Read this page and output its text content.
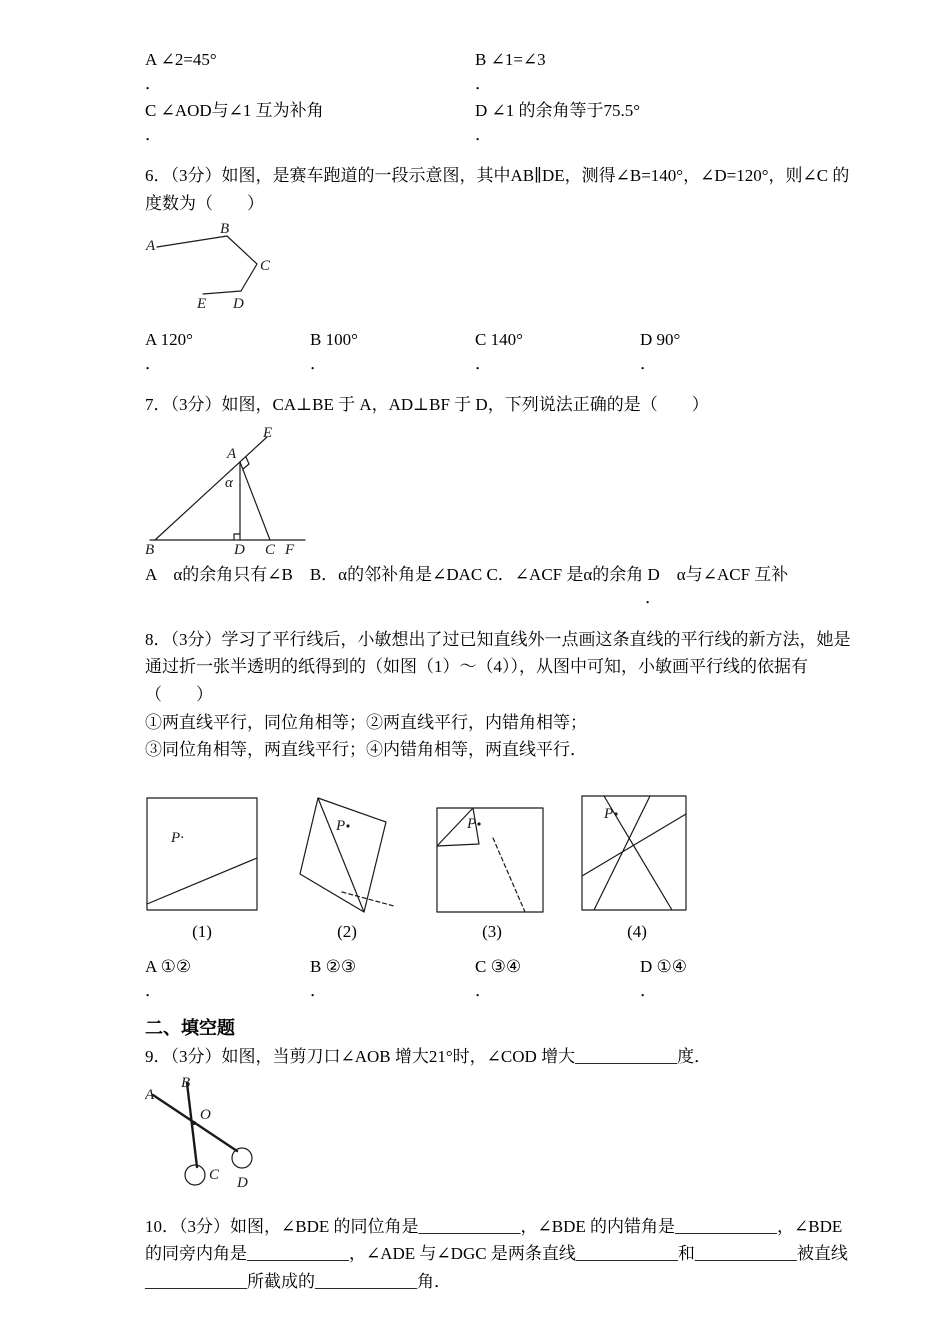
A ∠2=45°	B ∠1=∠3
．	．
C ∠AOD与∠1 互为补角	D ∠1 的余角等于75.5°
．	．

6．（3分）如图，是赛车跑道的一段示意图，其中AB∥DE，测得∠B=140°，∠D=120°，则∠C 的度数为（　　）

A
B
C
D
E
A 120°	B 100°	C 140°	D 90°
．	．	．	．

7．（3分）如图，CA⊥BE 于 A，AD⊥BF 于 D，下列说法正确的是（　　）

E
A
α
B	D C F

A　α的余角只有∠B　B．α的邻补角是∠DAC C．∠ACF 是α的余角 D　α与∠ACF 互补

．

8．（3分）学习了平行线后，小敏想出了过已知直线外一点画这条直线的平行线的新方法，她是通过折一张半透明的纸得到的（如图（1）～（4）），从图中可知，小敏画平行线的依据有（　　）

①两直线平行，同位角相等；②两直线平行，内错角相等；

③同位角相等，两直线平行；④内错角相等，两直线平行．

P·
P	P
P
(1)	(2)	(3)	(4)
A ①②	B ②③	C ③④	D ①④
．	．	．	．
二、填空题

9．（3分）如图，当剪刀口∠AOB 增大21°时，∠COD 增大____________度．

A
B
O
C D

10．（3分）如图，∠BDE 的同位角是____________，∠BDE 的内错角是____________，∠BDE 的同旁内角是____________，∠ADE 与∠DGC 是两条直线____________和____________被直线____________所截成的____________角．
